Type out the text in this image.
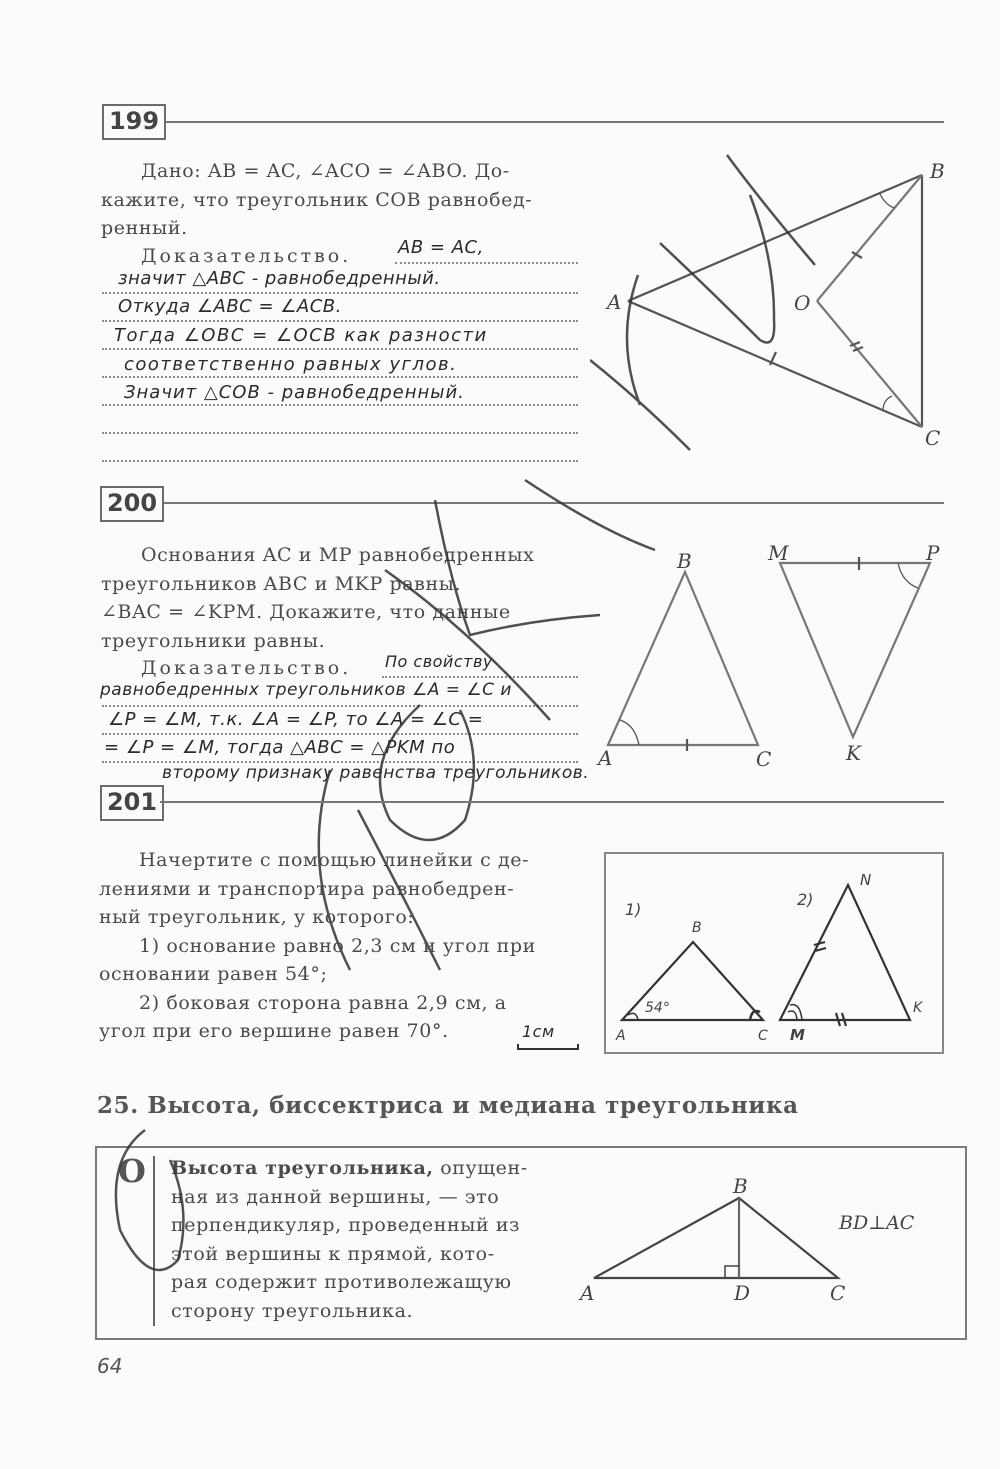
199
Дано: AB = AC, ∠ACO = ∠ABO. До-
кажите, что треугольник COB равнобед-
ренный.
Доказательство.	AB = AC,
значит △ABC - равнобедренный.
Откуда ∠ABC = ∠ACB.
Тогда ∠OBC = ∠OCB как разности
соответственно равных углов.
Значит △COB - равнобедренный.
A
B
C
O
200
Основания AC и MP равнобедренных
треугольников ABC и MKP равны.
∠BAC = ∠KPM. Докажите, что данные
треугольники равны.
Доказательство. По свойству
равнобедренных треугольников ∠A = ∠C и
∠P = ∠M, т.к. ∠A = ∠P, то ∠A = ∠C =
= ∠P = ∠M, тогда △ABC = △PKM по
второму признаку равенства треугольников.
A
B
C
M	P
K
201
Начертите с помощью линейки с де-
лениями и транспортира равнобедрен-
ный треугольник, у которого:
1) основание равно 2,3 см и угол при
основании равен 54°;
2) боковая сторона равна 2,9 см, а
угол при его вершине равен 70°.	1см
1)
2)
A
B
C
54°
M
N
K
25. Высота, биссектриса и медиана треугольника
О Высота треугольника, опущен-
ная из данной вершины, — это
перпендикуляр, проведенный из
этой вершины к прямой, кото-
рая содержит противолежащую
сторону треугольника.
A
B
C
D
BD⊥AC
64
